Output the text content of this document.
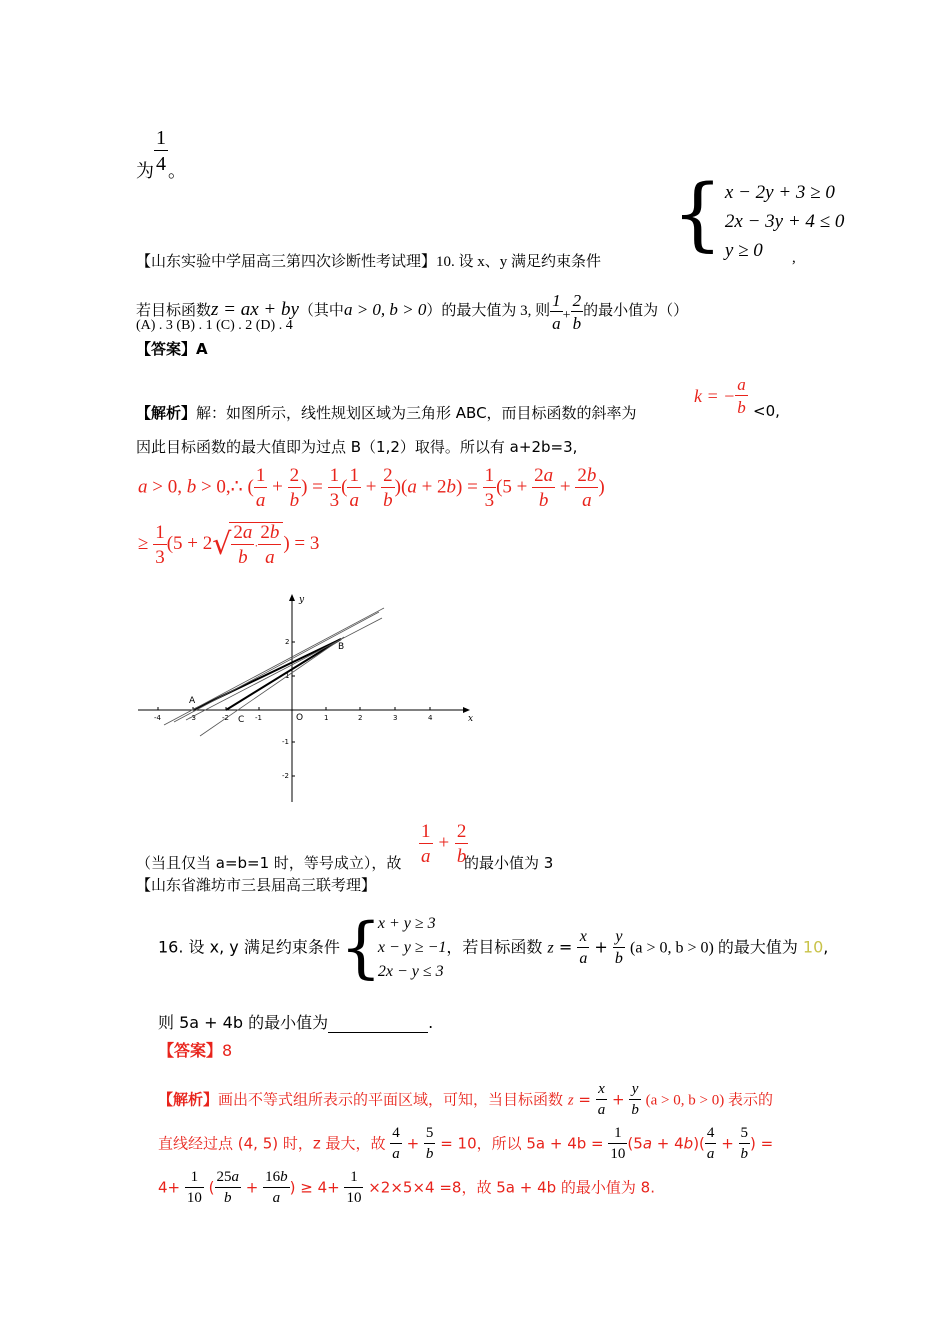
为 $\frac{1}{4}$ 。	{ x − 2y + 3 ≥ 0
2x − 3y + 4 ≤ 0
y ≥ 0
【山东实验中学届高三第四次诊断性考试理】10. 设 x、y 满足约束条件	,
若目标函数z = ax + by（其中a > 0, b > 0）的最大值为 3, 则 $\frac{1}{a} + \frac{2}{b}$ 的最小值为（）
(A) . 3 (B) . 1 (C) . 2 (D) . 4
【答案】A
【解析】解：如图所示，线性规划区域为三角形 ABC，而目标函数的斜率为
k = − $\frac{a}{b} <0$,
因此目标函数的最大值即为过点 B（1,2）取得。所以有 a+2b=3,
a > 0, b > 0,∴ ( $\frac{1}{a} + \frac{2}{b}$ ) = $\frac{1}{3}$ ( $\frac{1}{a} + \frac{2}{b} )(a + 2b) = \frac{1}{3} (5 + \frac{2a}{b} + \frac{2b}{a}$ )
≥ $\frac{1}{3} (5 + 2√ \frac{2a}{b} \cdot \frac{2b}{a}$ ) = 3
-4	-3	-2	-1	1	2	3	4
2
1
-1
-2
O	x
y
A
B
C
（当且仅当 a=b=1 时，等号成立），故 $\frac{1}{a} + \frac{2}{b}$
的最小值为 3
【山东省潍坊市三县届高三联考理】
16. 设 x, y 满足约束条件{
x + y ≥ 3
x − y ≥ −1
2x − y ≤ 3
，若目标函数 $z = \frac{x}{a} + \frac{y}{b} (a > 0$, b > 0) 的最大值为 10,
则 5a + 4b 的最小值为	.
【答案】8
【解析】画出不等式组所表示的平面区域，可知，当目标函数 $z = \frac{x}{a} + \frac{y}{b} (a > 0$, b > 0) 表示的
直线经过点 (4, 5) 时，z 最大，故 $\frac{4}{a} + \frac{5}{b} = 10$，所以 $5a + 4b = \frac{1}{10} (5a + 4b)( \frac{4}{a} + \frac{5}{b}$ ) =
$4+ \frac{1}{10}$ ( $\frac{25a}{b} + \frac{16b}{a}$ ) ≥ $4+ \frac{1}{10} \times 2\times 5\times 4 =8$，故 5a + 4b 的最小值为 8.
